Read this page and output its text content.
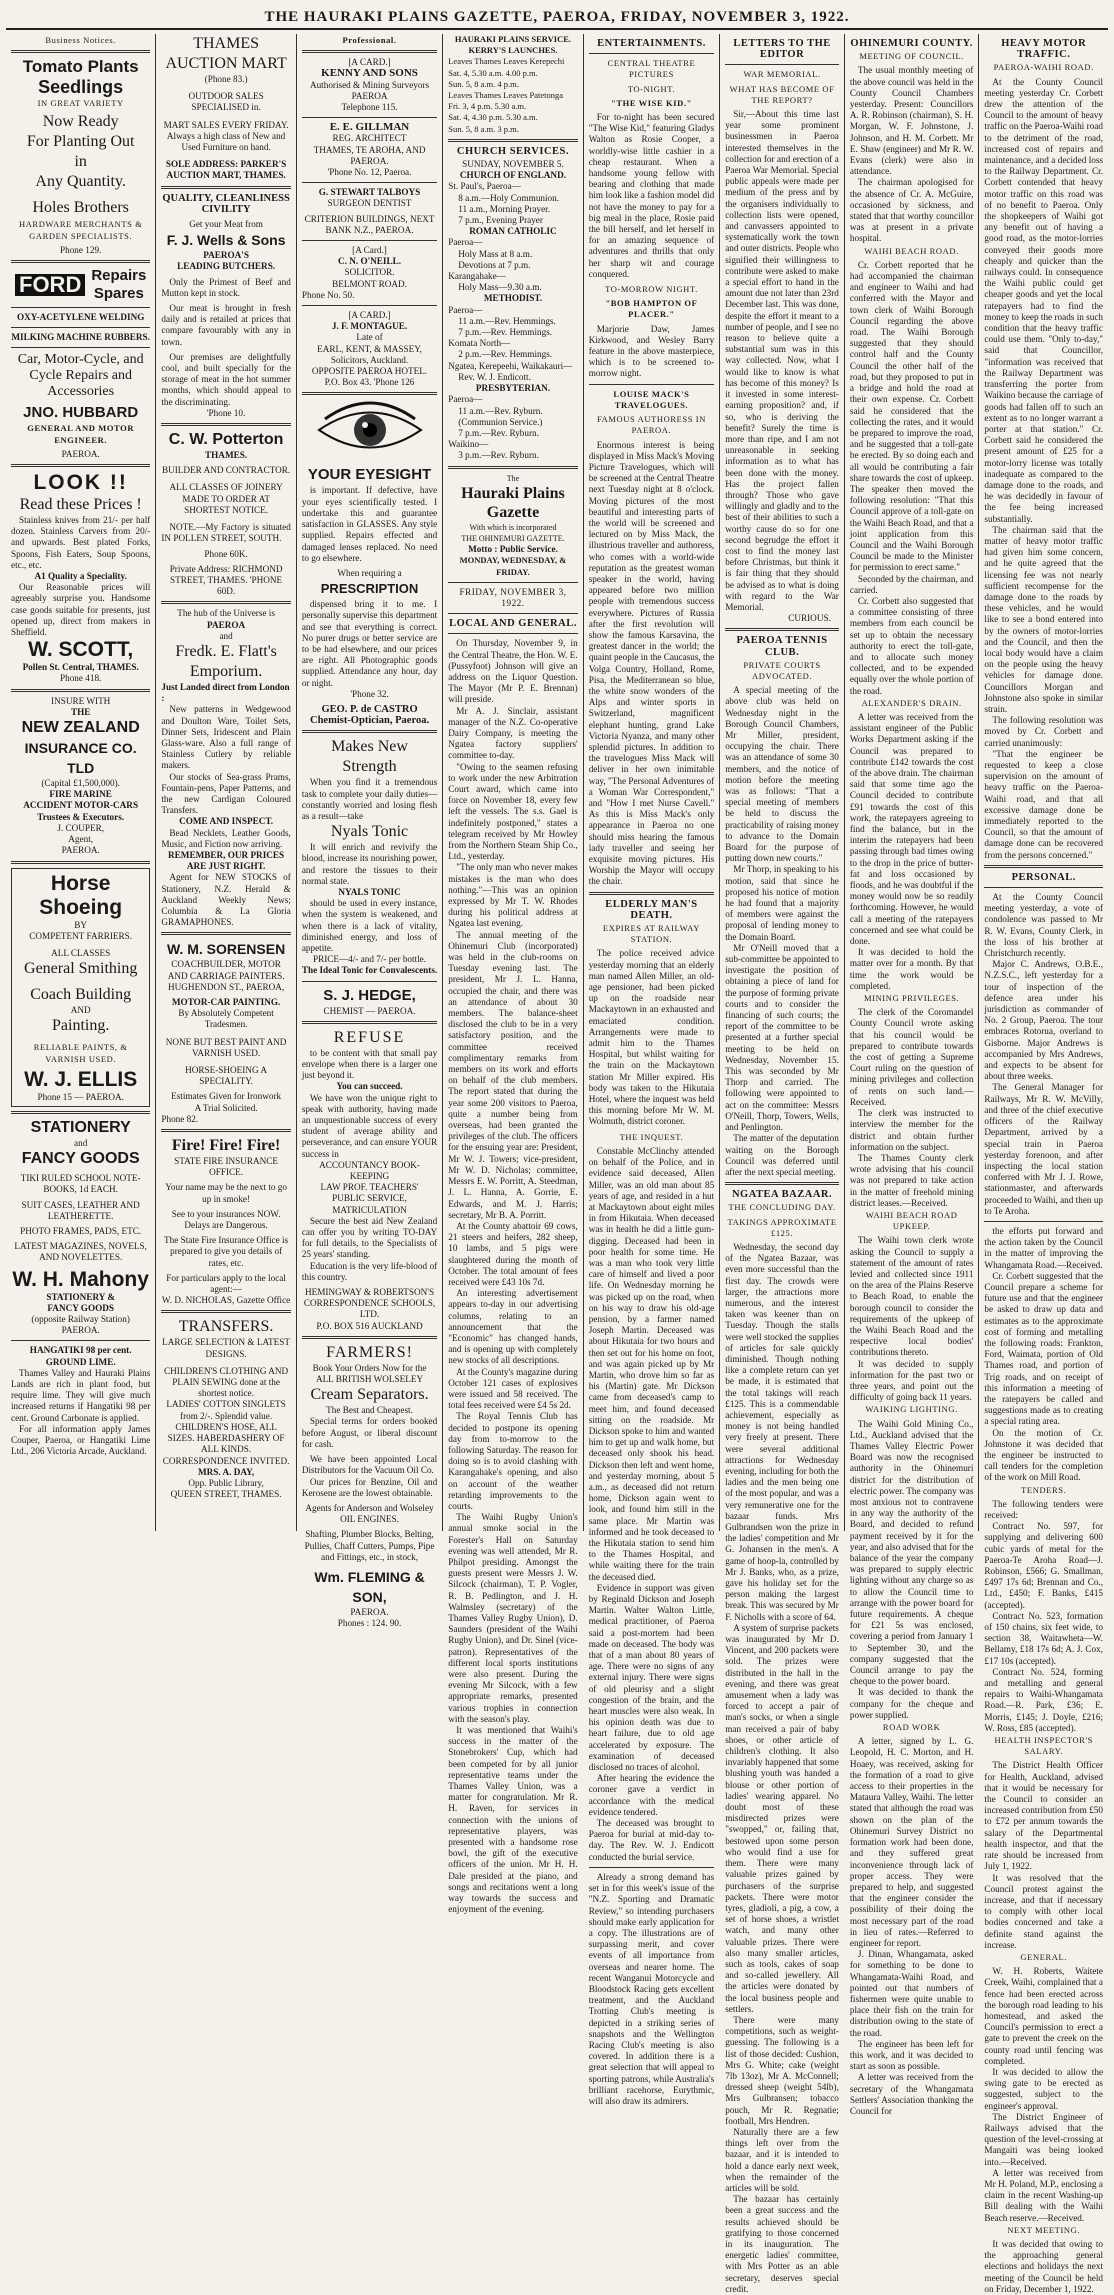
THE HAURAKI PLAINS GAZETTE, PAEROA, FRIDAY, NOVEMBER 3, 1922.
Business Notices.
Tomato Plants
Seedlings
IN GREAT VARIETY
Now Ready
For Planting Out
in
Any Quantity.
Holes Brothers
HARDWARE MERCHANTS & GARDEN SPECIALISTS.
Phone 129.
FORD Repairs
Spares
OXY-ACETYLENE WELDING
MILKING MACHINE RUBBERS.
Car, Motor-Cycle, and Cycle Repairs and Accessories
JNO. HUBBARD
GENERAL AND MOTOR ENGINEER.
PAEROA.
LOOK !!
Read these Prices !

Stainless knives from 21/- per half dozen. Stainless Carvers from 20/- and upwards. Best plated Forks, Spoons, Fish Eaters, Soup Spoons, etc., etc.

A1 Quality a Speciality.

Our Reasonable prices will agreeably surprise you. Handsome case goods suitable for presents, just opened up, direct from makers in Sheffield.

W. SCOTT,
Pollen St. Central, THAMES.
Phone 418.
INSURE WITH
THE
NEW ZEALAND
INSURANCE CO. TLD
(Capital £1,500,000).
FIRE MARINE
ACCIDENT MOTOR-CARS
Trustees & Executors.
J. COUPER,
Agent,
PAEROA.
Horse Shoeing
BY
COMPETENT FARRIERS.
ALL CLASSES
General Smithing
Coach Building
AND
Painting.
RELIABLE PAINTS, & VARNISH USED.
W. J. ELLIS
Phone 15 — PAEROA.
STATIONERY
and
FANCY GOODS
TIKI RULED SCHOOL NOTE-BOOKS, 1d EACH.
SUIT CASES, LEATHER AND LEATHERETTE.
PHOTO FRAMES, PADS, ETC.
LATEST MAGAZINES, NOVELS, AND NOVELETTES.
W. H. Mahony
STATIONERY &
FANCY GOODS
(opposite Railway Station)
PAEROA.
HANGATIKI 98 per cent. GROUND LIME.

Thames Valley and Hauraki Plains Lands are rich in plant food, but require lime. They will give much increased returns if Hangatiki 98 per cent. Ground Carbonate is applied.

For all information apply James Couper, Paeroa, or Hangatiki Lime Ltd., 206 Victoria Arcade, Auckland.

THAMES
AUCTION MART
(Phone 83.)
OUTDOOR SALES SPECIALISED in.
MART SALES EVERY FRIDAY.
Always a high class of New and Used Furniture on hand.
SOLE ADDRESS: PARKER'S AUCTION MART, THAMES.
QUALITY, CLEANLINESS
CIVILITY
Get your Meat from
F. J. Wells & Sons
PAEROA'S
LEADING BUTCHERS.

Only the Primest of Beef and Mutton kept in stock.

Our meat is brought in fresh daily and is retailed at prices that compare favourably with any in town.

Our premises are delightfully cool, and built specially for the storage of meat in the hot summer months, which should appeal to the discriminating.

'Phone 10.
C. W. Potterton
THAMES.
BUILDER AND CONTRACTOR.
ALL CLASSES OF JOINERY MADE TO ORDER AT SHORTEST NOTICE.

NOTE.—My Factory is situated IN POLLEN STREET, SOUTH.

Phone 60K.
Private Address: RICHMOND STREET, THAMES. 'PHONE 60D.
The hub of the Universe is
PAEROA
and
Fredk. E. Flatt's
Emporium.
Just Landed direct from London :

New patterns in Wedgewood and Doulton Ware, Toilet Sets, Dinner Sets, Iridescent and Plain Glass-ware. Also a full range of Stainless Cutlery by reliable makers.

Our stocks of Sea-grass Prams, Fountain-pens, Paper Patterns, and the new Cardigan Coloured Transfers.

COME AND INSPECT.

Bead Necklets, Leather Goods, Music, and Fiction now arriving.

REMEMBER, OUR PRICES ARE JUST RIGHT.

Agent for NEW STOCKS of Stationery, N.Z. Herald & Auckland Weekly News; Columbia & La Gloria GRAMAPHONES.

W. M. SORENSEN
COACHBUILDER, MOTOR AND CARRIAGE PAINTERS.
HUGHENDON ST., PAEROA,
MOTOR-CAR PAINTING.
By Absolutely Competent Tradesmen.
NONE BUT BEST PAINT AND VARNISH USED.
HORSE-SHOEING A SPECIALITY.
Estimates Given for Ironwork
A Trial Solicited.
Phone 82.
Fire! Fire! Fire!
STATE FIRE INSURANCE OFFICE.
Your name may be the next to go up in smoke!
See to your insurances NOW. Delays are Dangerous.
The State Fire Insurance Office is prepared to give you details of rates, etc.
For particulars apply to the local agent:—
W. D. NICHOLAS, Gazette Office
TRANSFERS.
LARGE SELECTION & LATEST DESIGNS.
CHILDREN'S CLOTHING AND PLAIN SEWING done at the shortest notice.
LADIES' COTTON SINGLETS from 2/-. Splendid value.
CHILDREN'S HOSE, ALL SIZES. HABERDASHERY OF ALL KINDS.
CORRESPONDENCE INVITED.
MRS. A. DAY,
Opp. Public Library,
QUEEN STREET, THAMES.
Professional.
[A CARD.]
KENNY AND SONS
Authorised & Mining Surveyors
PAEROA
Telephone 115.
E. E. GILLMAN
REG. ARCHITECT
THAMES, TE AROHA, AND PAEROA.
'Phone No. 12, Paeroa.
G. STEWART TALBOYS
SURGEON DENTIST
CRITERION BUILDINGS, NEXT BANK N.Z., PAEROA.
[A Card.]
C. N. O'NEILL.
SOLICITOR.
BELMONT ROAD.
Phone No. 50.
[A CARD.]
J. F. MONTAGUE.
Late of
EARL, KENT, & MASSEY,
Solicitors, Auckland.
OPPOSITE PAEROA HOTEL.
P.O. Box 43. 'Phone 126
YOUR EYESIGHT

is important. If defective, have your eyes scientifically tested. I undertake this and guarantee satisfaction in GLASSES. Any style supplied. Repairs effected and damaged lenses replaced. No need to go elsewhere.

When requiring a
PRESCRIPTION

dispensed bring it to me. I personally supervise this department and see that everything is correct. No purer drugs or better service are to be had elsewhere, and our prices are right. All Photographic goods supplied. Attendance any hour, day or night.

'Phone 32.
GEO. P. de CASTRO
Chemist-Optician, Paeroa.
Makes New
Strength

When you find it a tremendous task to complete your daily duties—constantly worried and losing flesh as a result—take

Nyals Tonic

It will enrich and revivify the blood, increase its nourishing power, and restore the tissues to their normal state.

NYALS TONIC

should be used in every instance, when the system is weakened, and when there is a lack of vitality, diminished energy, and loss of appetite.

PRICE—4/- and 7/- per bottle.
The Ideal Tonic for Convalescents.
S. J. HEDGE,
CHEMIST — PAEROA.
REFUSE

to be content with that small pay envelope when there is a larger one just beyond it.

You can succeed.

We have won the unique right to speak with authority, having made an unquestionable success of every student of average ability and perseverance, and can ensure YOUR success in

ACCOUNTANCY BOOK-KEEPING
LAW PROF. TEACHERS'
PUBLIC SERVICE, MATRICULATION

Secure the best aid New Zealand can offer you by writing TO-DAY for full details, to the Specialists of 25 years' standing.

Education is the very life-blood of this country.

HEMINGWAY & ROBERTSON'S CORRESPONDENCE SCHOOLS, LTD.
P.O. BOX 516 AUCKLAND
FARMERS!
Book Your Orders Now for the
ALL BRITISH WOLSELEY
Cream Separators.
The Best and Cheapest.

Special terms for orders booked before August, or liberal discount for cash.

We have been appointed Local Distributors for the Vacuum Oil Co.

Our prices for Benzine, Oil and Kerosene are the lowest obtainable.

Agents for Anderson and Wolseley OIL ENGINES.
Shafting, Plumber Blocks, Belting, Pullies, Chaff Cutters, Pumps, Pipe and Fittings, etc., in stock,
Wm. FLEMING & SON,
PAEROA.
Phones : 124. 90.
HAURAKI PLAINS SERVICE.
KERRY'S LAUNCHES.
Leaves Thames Leaves Kerepechi
Sat. 4, 5.30 a.m. 4.00 p.m.
Sun. 5, 8 a.m. 4 p.m.
Leaves Thames Leaves Patetonga
Fri. 3, 4 p.m. 5.30 a.m.
Sat. 4, 4.30 p.m. 5.30 a.m.
Sun. 5, 8 a.m. 3 p.m.
CHURCH SERVICES.
SUNDAY, NOVEMBER 5.
CHURCH OF ENGLAND.
St. Paul's, Paeroa—
8 a.m.—Holy Communion.
11 a.m., Morning Prayer.
7 p.m., Evening Prayer
ROMAN CATHOLIC
Paeroa—
Holy Mass at 8 a.m.
Devotions at 7 p.m.
Karangahake—
Holy Mass—9.30 a.m.
METHODIST.
Paeroa—
11 a.m.—Rev. Hemmings.
7 p.m.—Rev. Hemmings.
Komata North—
2 p.m.—Rev. Hemmings.
Ngatea, Kerepeehi, Waikakauri—
Rev. W. J. Endicott.
PRESBYTERIAN.
Paeroa—
11 a.m.—Rev. Ryburn.
(Communion Service.)
7 p.m.—Rev. Ryburn.
Waikino—
3 p.m.—Rev. Ryburn.
The
Hauraki Plains Gazette
With which is incorporated
THE OHINEMURI GAZETTE.
Motto : Public Service.
MONDAY, WEDNESDAY, & FRIDAY.
FRIDAY, NOVEMBER 3, 1922.
LOCAL AND GENERAL.

On Thursday, November 9, in the Central Theatre, the Hon. W. E. (Pussyfoot) Johnson will give an address on the Liquor Question. The Mayor (Mr P. E. Brennan) will preside.

Mr A. J. Sinclair, assistant manager of the N.Z. Co-operative Dairy Company, is meeting the Ngatea factory suppliers' committee to-day.

"Owing to the seamen refusing to work under the new Arbitration Court award, which came into force on November 18, every few left the vessels. The s.s. Gael is indefinitely postponed," states a telegram received by Mr Howley from the Northern Steam Ship Co., Ltd., yesterday.

"The only man who never makes mistakes is the man who does nothing."—This was an opinion expressed by Mr T. W. Rhodes during his political address at Ngatea last evening.

The annual meeting of the Ohinemuri Club (incorporated) was held in the club-rooms on Tuesday evening last. The president, Mr J. L. Hanna, occupied the chair, and there was an attendance of about 30 members. The balance-sheet disclosed the club to be in a very satisfactory position, and the committee received complimentary remarks from members on its work and efforts on behalf of the club members. The report stated that during the year some 200 visitors to Paeroa, quite a number being from overseas, had been granted the privileges of the club. The officers for the ensuing year are: President, Mr W. J. Towers; vice-president, Mr W. D. Nicholas; committee, Messrs E. W. Porritt, A. Steedman, J. L. Hanna, A. Gorrie, E. Edwards, and M. J. Harris; secretary, Mr B. A. Porritt.

At the County abattoir 69 cows, 21 steers and heifers, 282 sheep, 10 lambs, and 5 pigs were slaughtered during the month of October. The total amount of fees received were £43 10s 7d.

An interesting advertisement appears to-day in our advertising columns, relating to an announcement that the "Economic" has changed hands, and is opening up with completely new stocks of all descriptions.

At the County's magazine during October 121 cases of explosives were issued and 58 received. The total fees received were £4 5s 2d.

The Royal Tennis Club has decided to postpone its opening day from to-morrow to the following Saturday. The reason for doing so is to avoid clashing with Karangahake's opening, and also on account of the weather retarding improvements to the courts.

The Waihi Rugby Union's annual smoke social in the Forester's Hall on Saturday evening was well attended, Mr R. Philpot presiding. Amongst the guests present were Messrs J. W. Silcock (chairman), T. P. Vogler, R. B. Pedlington, and J. H. Walmsley (secretary) of the Thames Valley Rugby Union), D. Saunders (president of the Waihi Rugby Union), and Dr. Sinel (vice-patron). Representatives of the different local sports institutions were also present. During the evening Mr Silcock, with a few appropriate remarks, presented various trophies in connection with the season's play.

It was mentioned that Waihi's success in the matter of the Stonebrokers' Cup, which had been competed for by all junior representative teams under the Thames Valley Union, was a matter for congratulation. Mr R. H. Raven, for services in connection with the unions of representative players, was presented with a handsome rose bowl, the gift of the executive officers of the union. Mr H. H. Dale presided at the piano, and songs and recitations went a long way towards the success and enjoyment of the evening.

ENTERTAINMENTS.
CENTRAL THEATRE PICTURES
TO-NIGHT.
"THE WISE KID."

For to-night has been secured "The Wise Kid," featuring Gladys Walton as Rosie Cooper, a worldly-wise little cashier in a cheap restaurant. When a handsome young fellow with bearing and clothing that made him look like a fashion model did not have the money to pay for a big meal in the place, Rosie paid the bill herself, and let herself in for an amazing sequence of adventures and thrills that only her sharp wit and courage conquered.

TO-MORROW NIGHT.
"BOB HAMPTON OF PLACER."

Marjorie Daw, James Kirkwood, and Wesley Barry feature in the above masterpiece, which is to be screened to-morrow night.

LOUISE MACK'S TRAVELOGUES.
FAMOUS AUTHORESS IN PAEROA.

Enormous interest is being displayed in Miss Mack's Moving Picture Travelogues, which will be screened at the Central Theatre next Tuesday night at 8 o'clock. Moving pictures of the most beautiful and interesting parts of the world will be screened and lectured on by Miss Mack, the illustrious traveller and authoress, who comes with a world-wide reputation as the greatest woman speaker in the world, having appeared before two million people with tremendous success everywhere. Pictures of Russia after the first revolution will show the famous Karsavina, the greatest dancer in the world; the quaint people in the Caucasus, the Volga Country, Holland, Rome, Pisa, the Mediterranean so blue, the white snow wonders of the Alps and winter sports in Switzerland, magnificent elephant hunting, grand Lake Victoria Nyanza, and many other splendid pictures. In addition to the travelogues Miss Mack will deliver in her own inimitable way, "The Personal Adventures of a Woman War Correspondent," and "How I met Nurse Cavell." As this is Miss Mack's only appearance in Paeroa no one should miss hearing the famous lady traveller and seeing her exquisite moving pictures. His Worship the Mayor will occupy the chair.

ELDERLY MAN'S DEATH.
EXPIRES AT RAILWAY STATION.

The police received advice yesterday morning that an elderly man named Allen Miller, an old-age pensioner, had been picked up on the roadside near Mackaytown in an exhausted and emaciated condition. Arrangements were made to admit him to the Thames Hospital, but whilst waiting for the train on the Mackaytown station Mr Miller expired. His body was taken to the Hikutaia Hotel, where the inquest was held this morning before Mr W. M. Wolmuth, district coroner.

THE INQUEST.

Constable McClinchy attended on behalf of the Police, and in evidence said deceased, Allen Miller, was an old man about 85 years of age, and resided in a hut at Mackaytown about eight miles in from Hikutaia. When deceased was in health he did a little gum-digging. Deceased had been in poor health for some time. He was a man who took very little care of himself and lived a poor life. On Wednesday morning he was picked up on the road, when on his way to draw his old-age pension, by a farmer named Joseph Martin. Deceased was about Hikutaia for two hours and then set out for his home on foot, and was again picked up by Mr Martin, who drove him so far as his (Martin) gate. Mr Dickson came from deceased's camp to meet him, and found deceased sitting on the roadside. Mr Dickson spoke to him and wanted him to get up and walk home, but deceased only shook his head. Dickson then left and went home, and yesterday morning, about 5 a.m., as deceased did not return home, Dickson again went to look, and found him still in the same place. Mr Martin was informed and he took deceased to the Hikutaia station to send him to the Thames Hospital, and while waiting there for the train the deceased died.

Evidence in support was given by Reginald Dickson and Joseph Martin. Walter Walton Little, medical practitioner, of Paeroa said a post-mortem had been made on deceased. The body was that of a man about 80 years of age. There were no signs of any external injury. There were signs of old pleurisy and a slight congestion of the brain, and the heart muscles were also weak. In his opinion death was due to heart failure, due to old age accelerated by exposure. The examination of deceased disclosed no traces of alcohol.

After hearing the evidence the coroner gave a verdict in accordance with the medical evidence tendered.

The deceased was brought to Paeroa for burial at mid-day to-day. The Rev. W. J. Endicott conducted the burial service.

Already a strong demand has set in for this week's issue of the "N.Z. Sporting and Dramatic Review," so intending purchasers should make early application for a copy. The illustrations are of surpassing merit, and cover events of all importance from overseas and nearer home. The recent Wanganui Motorcycle and Bloodstock Racing gets excellent treatment, and the Auckland Trotting Club's meeting is depicted in a striking series of snapshots and the Wellington Racing Club's meeting is also covered. In addition there is a great selection that will appeal to sporting patrons, while Australia's brilliant racehorse, Eurythmic, will also draw its admirers.

LETTERS TO THE EDITOR
WAR MEMORIAL.
WHAT HAS BECOME OF THE REPORT?

Sir,—About this time last year some prominent businessmen in Paeroa interested themselves in the collection for and erection of a Paeroa War Memorial. Special public appeals were made per medium of the press and by the organisers individually to collection lists were opened, and canvassers appointed to systematically work the town and outer districts. People who signified their willingness to contribute were asked to make a special effort to hand in the amount due not later than 23rd December last. This was done, despite the effort it meant to a number of people, and I see no reason to believe quite a substantial sum was in this way collected. Now, what I would like to know is what has become of this money? Is it invested in some interest-earning proposition? and, if so, who is deriving the benefit? Surely the time is more than ripe, and I am not unreasonable in seeking information as to what has been done with the money. Has the project fallen through? Those who gave willingly and gladly and to the best of their abilities to such a worthy cause do so for one second begrudge the effort it cost to find the money last before Christmas, but think it is fair thing that they should be advised as to what is doing with regard to the War Memorial.

CURIOUS.
PAEROA TENNIS CLUB.
PRIVATE COURTS ADVOCATED.

A special meeting of the above club was held on Wednesday night in the Borough Council Chambers, Mr Miller, president, occupying the chair. There was an attendance of some 30 members, and the notice of motion before the meeting was as follows: "That a special meeting of members be held to discuss the practicability of raising money to advance to the Domain Board for the purpose of putting down new courts."

Mr Thorp, in speaking to his motion, said that since he proposed his notice of motion he had found that a majority of members were against the proposal of lending money to the Domain Board.

Mr O'Neill moved that a sub-committee be appointed to investigate the position of obtaining a piece of land for the purpose of forming private courts and to consider the financing of such courts; the report of the committee to be presented at a further special meeting to be held on Wednesday, November 15. This was seconded by Mr Thorp and carried. The following were appointed to act on the committee: Messrs O'Neill, Thorp, Towers, Wells, and Penlington.

The matter of the deputation waiting on the Borough Council was deferred until after the next special meeting.

NGATEA BAZAAR.
THE CONCLUDING DAY.
TAKINGS APPROXIMATE £125.

Wednesday, the second day of the Ngatea Bazaar, was even more successful than the first day. The crowds were larger, the attractions more numerous, and the interest taken was keener than on Tuesday. Though the stalls were well stocked the supplies of articles for sale quickly diminished. Though nothing like a complete return can yet be made, it is estimated that the total takings will reach £125. This is a commendable achievement, especially as money is not being handled very freely at present. There were several additional attractions for Wednesday evening, including for both the ladies and the men being one of the most popular, and was a very remunerative one for the bazaar funds. Mrs Gulbrandsen won the prize in the ladies' competition and Mr G. Johansen in the men's. A game of hoop-la, controlled by Mr J. Banks, who, as a prize, gave his holiday set for the person making the largest break. This was secured by Mr F. Nicholls with a score of 64.

A system of surprise packets was inaugurated by Mr D. Vincent, and 200 packets were sold. The prizes were distributed in the hall in the evening, and there was great amusement when a lady was forced to accept a pair of man's socks, or when a single man received a pair of baby shoes, or other article of children's clothing. It also invariably happened that some blushing youth was handed a blouse or other portion of ladies' wearing apparel. No doubt most of these misdirected prizes were "swopped," or, failing that, bestowed upon some person who would find a use for them. There were many valuable prizes gained by purchasers of the surprise packets. There were motor tyres, gladioli, a pig, a cow, a set of horse shoes, a wristlet watch, and many other valuable prizes. There were also many smaller articles, such as tools, cakes of soap and so-called jewellery. All the articles were donated by the local business people and settlers.

There were many competitions, such as weight-guessing. The following is a list of those decided: Cushion, Mrs G. White; cake (weight 7lb 13oz), Mr A. McConnell; dressed sheep (weight 54lb), Mrs Gulbransen; tobacco pouch, Mr R. Regnatie; football, Mrs Hendren.

Naturally there are a few things left over from the bazaar, and it is intended to hold a dance early next week, when the remainder of the articles will be sold.

The bazaar has certainly been a great success and the results achieved should be gratifying to those concerned in its inauguration. The energetic ladies' committee, with Mrs Potter as an able secretary, deserves special credit.

OHINEMURI COUNTY.
MEETING OF COUNCIL.

The usual monthly meeting of the above council was held in the County Council Chambers yesterday. Present: Councillors A. R. Robinson (chairman), S. H. Morgan, W. F. Johnstone, J. Johnson, and H. M. Corbett. Mr E. Shaw (engineer) and Mr R. W. Evans (clerk) were also in attendance.

The chairman apologised for the absence of Cr. A. McGuire, occasioned by sickness, and stated that that worthy councillor was at present in a private hospital.

WAIHI BEACH ROAD.

Cr. Corbett reported that he had accompanied the chairman and engineer to Waihi and had conferred with the Mayor and town clerk of Waihi Borough Council regarding the above road. The Waihi Borough suggested that they should control half and the County Council the other half of the road, but they proposed to put in a bridge and hold the road at their own expense. Cr. Corbett said he considered that the collecting the rates, and it would be prepared to improve the road, and he suggested that a toll-gate be erected. By so doing each and all would be contributing a fair share towards the cost of upkeep. The speaker then moved the following resolution: "That this Council approve of a toll-gate on the Waihi Beach Road, and that a joint application from this Council and the Waihi Borough Council be made to the Minister for permission to erect same."

Seconded by the chairman, and carried.

Cr. Corbett also suggested that a committee consisting of three members from each council be set up to obtain the necessary authority to erect the toll-gate, and to allocate such money collected, and to be expended equally over the whole portion of the road.

ALEXANDER'S DRAIN.

A letter was received from the assistant engineer of the Public Works Department asking if the Council was prepared to contribute £142 towards the cost of the above drain. The chairman said that some time ago the Council decided to contribute £91 towards the cost of this work, the ratepayers agreeing to find the balance, but in the interim the ratepayers had been passing through bad times owing to the drop in the price of butter-fat and loss occasioned by floods, and he was doubtful if the money would now be so readily forthcoming. However, he would call a meeting of the ratepayers concerned and see what could be done.

It was decided to hold the matter over for a month. By that time the work would be completed.

MINING PRIVILEGES.

The clerk of the Coromandel County Council wrote asking that his council would be prepared to contribute towards the cost of getting a Supreme Court ruling on the question of mining privileges and collection of rents on such land.—Received.

The clerk was instructed to interview the member for the district and obtain further information on the subject.

The Thames County clerk wrote advising that his council was not prepared to take action in the matter of freehold mining district leases.—Received.

WAIHI BEACH ROAD UPKEEP.

The Waihi town clerk wrote asking the Council to supply a statement of the amount of rates levied and collected since 1911 on the area of the Plains Reserve to Beach Road, to enable the borough council to consider the requirements of the upkeep of the Waihi Beach Road and the respective local bodies' contributions thereto.

It was decided to supply information for the past two or three years, and point out the difficulty of going back 11 years.

WAIKING LIGHTING.

The Waihi Gold Mining Co., Ltd., Auckland advised that the Thames Valley Electric Power Board was now the recognised authority in the Ohinemuri district for the distribution of electric power. The company was most anxious not to contravene in any way the authority of the Board, and decided to refund payment received by it for the year, and also advised that for the balance of the year the company was prepared to supply electric lighting without any charge so as to allow the Council time to arrange with the power board for future requirements. A cheque for £21 5s was enclosed, covering a period from January 1 to September 30, and the company suggested that the Council arrange to pay the cheque to the power board.

It was decided to thank the company for the cheque and power supplied.

ROAD WORK

A letter, signed by L. G. Leopold, H. C. Morton, and H. Hoaey, was received, asking for the formation of a road to give access to their properties in the Mataura Valley, Waihi. The letter stated that although the road was shown on the plan of the Ohinemuri Survey District no formation work had been done, and they suffered great inconvenience through lack of proper access. They were prepared to help, and suggested that the engineer consider the possibility of their doing the most necessary part of the road in lieu of rates.—Referred to engineer for report.

J. Dinan, Whangamata, asked for something to be done to Whangamata-Waihi Road, and pointed out that numbers of fishermen were quite unable to place their fish on the train for distribution owing to the state of the road.

The engineer has been left for this work, and it was decided to start as soon as possible.

A letter was received from the secretary of the Whangamata Settlers' Association thanking the Council for

HEAVY MOTOR TRAFFIC.
PAEROA-WAIHI ROAD.

At the County Council meeting yesterday Cr. Corbett drew the attention of the Council to the amount of heavy traffic on the Paeroa-Waihi road to the detriment of the road, increased cost of repairs and maintenance, and a decided loss to the Railway Department. Cr. Corbett contended that heavy motor traffic on this road was of no benefit to Paeroa. Only the shopkeepers of Waihi got any benefit out of having a good road, as the motor-lorries conveyed their goods more cheaply and quicker than the railways could. In consequence the Waihi public could get cheaper goods and yet the local ratepayers had to find the money to keep the roads in such condition that the heavy traffic could use them. "Only to-day," said that Councillor, "information was received that the Railway Department was transferring the porter from Waikino because the carriage of goods had fallen off to such an extent as to no longer warrant a porter at that station." Cr. Corbett said he considered the present amount of £25 for a motor-lorry license was totally inadequate as compared to the damage done to the roads, and he was decidedly in favour of the fee being increased substantially.

The chairman said that the matter of heavy motor traffic had given him some concern, and he quite agreed that the licensing fee was not nearly sufficient recompense for the damage done to the roads by these vehicles, and he would like to see a bond entered into by the owners of motor-lorries and the Council, and then the local body would have a claim on the people using the heavy vehicles for damage done. Councillors Morgan and Johnstone also spoke in similar strain.

The following resolution was moved by Cr. Corbett and carried unanimously:

"That the engineer be requested to keep a close supervision on the amount of heavy traffic on the Paeroa-Waihi road, and that all excessive damage done be immediately reported to the Council, so that the amount of damage done can be recovered from the persons concerned."

PERSONAL.

At the County Council meeting yesterday, a vote of condolence was passed to Mr R. W. Evans, County Clerk, in the loss of his brother at Christchurch recently.

Major C. Andrews, O.B.E., N.Z.S.C., left yesterday for a tour of inspection of the defence area under his jurisdiction as commander of No. 2 Group, Paeroa. The tour embraces Rotorua, overland to Gisborne. Major Andrews is accompanied by Mrs Andrews, and expects to be absent for about three weeks.

The General Manager for Railways, Mr R. W. McVilly, and three of the chief executive officers of the Railway Department, arrived by a special train in Paeroa yesterday forenoon, and after inspecting the local station conferred with Mr J. J. Rowe, stationmaster, and afterwards proceeded to Waihi, and then up to Te Aroha.

the efforts put forward and the action taken by the Council in the matter of improving the Whangamata Road.—Received.

Cr. Corbett suggested that the Council prepare a scheme for future use and that the engineer be asked to draw up data and estimates as to the approximate cost of forming and metalling the following roads: Frankton, Ford, Waimata, portion of Old Thames road, and portion of Trig roads, and on receipt of this information a meeting of the ratepayers be called and suggestions made as to creating a special rating area.

On the motion of Cr. Johnstone it was decided that the engineer be instructed to call tenders for the completion of the work on Mill Road.

TENDERS.

The following tenders were received:

Contract No. 597, for supplying and delivering 600 cubic yards of metal for the Paeroa-Te Aroha Road—J. Robinson, £566; G. Smallman, £497 17s 6d; Brennan and Co., Ltd., £450; F. Banks, £415 (accepted).

Contract No. 523, formation of 150 chains, six feet wide, to section 38, Waitawheta—W. Bellamy, £18 17s 6d; A. J. Cox, £17 10s (accepted).

Contract No. 524, forming and metalling and general repairs to Waihi-Whangamata Road.—R. Park, £36; E. Morris, £145; J. Doyle, £216; W. Ross, £85 (accepted).

HEALTH INSPECTOR'S SALARY.

The District Health Officer for Health, Auckland, advised that it would be necessary for the Council to consider an increased contribution from £50 to £72 per annum towards the salary of the Departmental health inspector, and that the rate should be increased from July 1, 1922.

It was resolved that the Council protest against the increase, and that if necessary to comply with other local bodies concerned and take a definite stand against the increase.

GENERAL.

W. H. Roberts, Waitete Creek, Waihi, complained that a fence had been erected across the borough road leading to his homestead, and asked the Council's permission to erect a gate to prevent the creek on the county road until fencing was completed.

It was decided to allow the swing gate to be erected as suggested, subject to the engineer's approval.

The District Engineer of Railways advised that the question of the level-crossing at Mangaiti was being looked into.—Received.

A letter was received from Mr H. Poland, M.P., enclosing a claim in the recent Washing-up Bill dealing with the Waihi Beach reserve.—Received.

NEXT MEETING.

It was decided that owing to the approaching general elections and holidays the next meeting of the Council be held on Friday, December 1, 1922.
